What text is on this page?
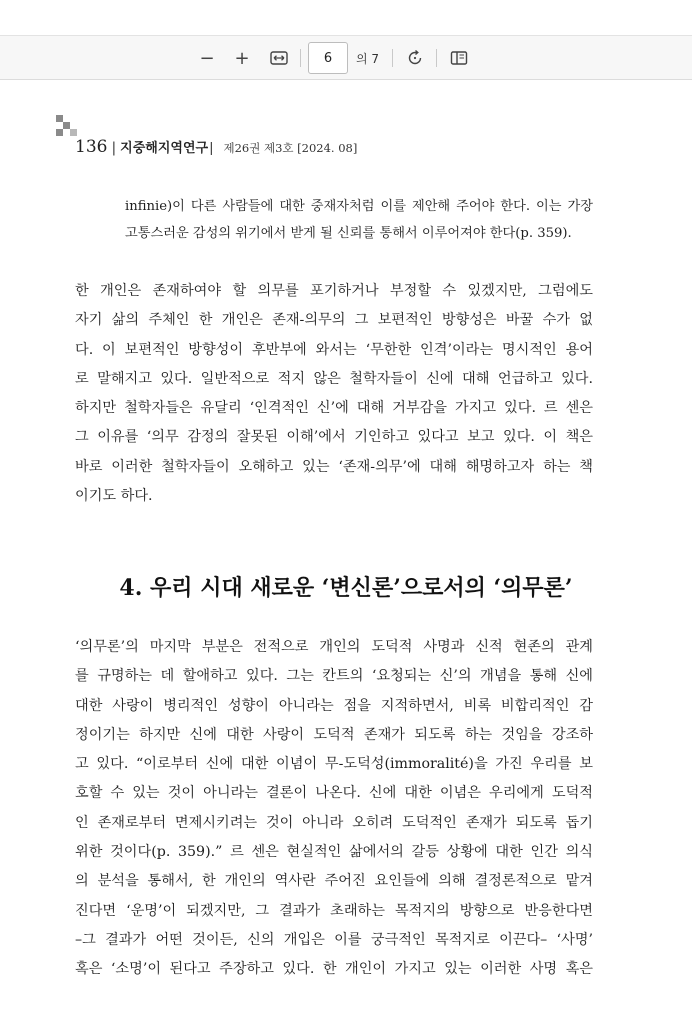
−	+
6	의 7
136 | 지중해지역연구 | 제26권 제3호 [2024. 08]
infinie)이 다른 사람들에 대한 중재자처럼 이를 제안해 주어야 한다. 이는 가장
고통스러운 감성의 위기에서 받게 될 신뢰를 통해서 이루어져야 한다(p. 359).
한 개인은 존재하여야 할 의무를 포기하거나 부정할 수 있겠지만, 그럼에도
자기 삶의 주체인 한 개인은 존재-의무의 그 보편적인 방향성은 바꿀 수가 없
다. 이 보편적인 방향성이 후반부에 와서는 ‘무한한 인격’이라는 명시적인 용어
로 말해지고 있다. 일반적으로 적지 않은 철학자들이 신에 대해 언급하고 있다.
하지만 철학자들은 유달리 ‘인격적인 신’에 대해 거부감을 가지고 있다. 르 센은
그 이유를 ‘의무 감정의 잘못된 이해’에서 기인하고 있다고 보고 있다. 이 책은
바로 이러한 철학자들이 오해하고 있는 ‘존재-의무’에 대해 해명하고자 하는 책
이기도 하다.
4. 우리 시대 새로운 ‘변신론’으로서의 ‘의무론’
‘의무론’의 마지막 부분은 전적으로 개인의 도덕적 사명과 신적 현존의 관계
를 규명하는 데 할애하고 있다. 그는 칸트의 ‘요청되는 신’의 개념을 통해 신에
대한 사랑이 병리적인 성향이 아니라는 점을 지적하면서, 비록 비합리적인 감
정이기는 하지만 신에 대한 사랑이 도덕적 존재가 되도록 하는 것임을 강조하
고 있다. “이로부터 신에 대한 이념이 무-도덕성(immoralité)을 가진 우리를 보
호할 수 있는 것이 아니라는 결론이 나온다. 신에 대한 이념은 우리에게 도덕적
인 존재로부터 면제시키려는 것이 아니라 오히려 도덕적인 존재가 되도록 돕기
위한 것이다(p. 359).” 르 센은 현실적인 삶에서의 갈등 상황에 대한 인간 의식
의 분석을 통해서, 한 개인의 역사란 주어진 요인들에 의해 결정론적으로 맡겨
진다면 ‘운명’이 되겠지만, 그 결과가 초래하는 목적지의 방향으로 반응한다면
–그 결과가 어떤 것이든, 신의 개입은 이를 궁극적인 목적지로 이끈다– ‘사명’
혹은 ‘소명’이 된다고 주장하고 있다. 한 개인이 가지고 있는 이러한 사명 혹은
